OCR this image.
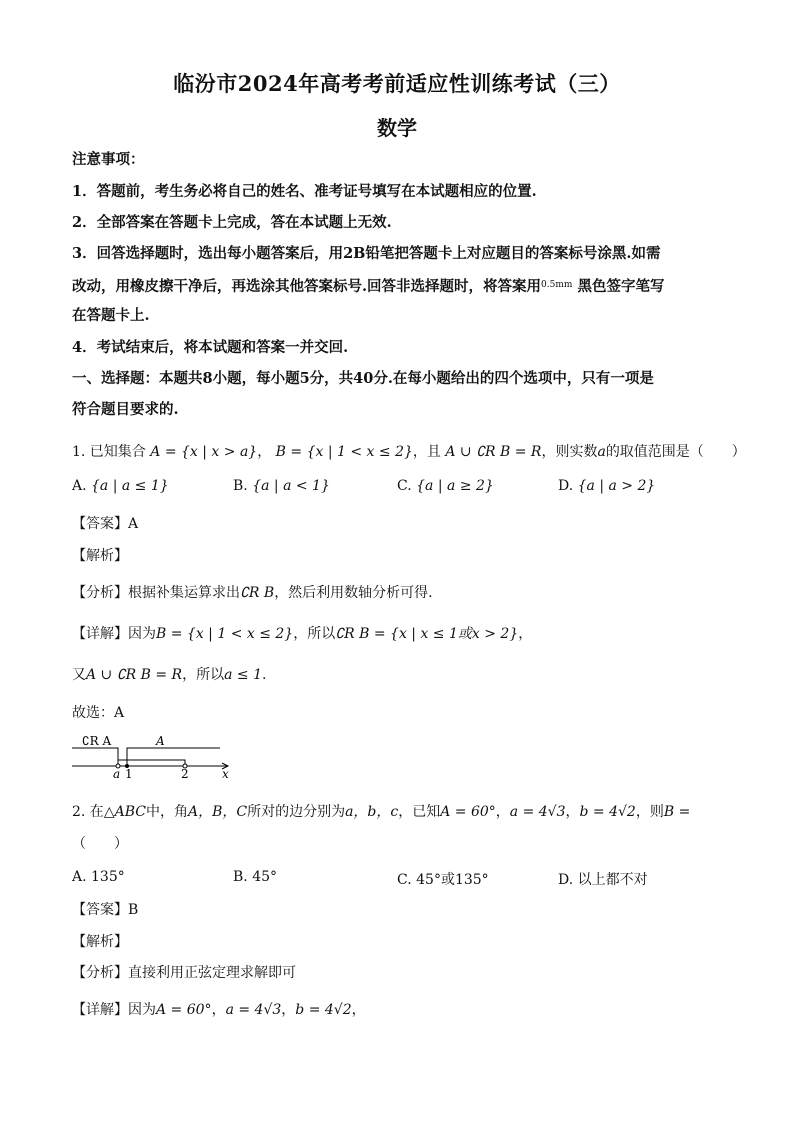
临汾市2024年高考考前适应性训练考试（三）
数学
注意事项：
1．答题前，考生务必将自己的姓名、准考证号填写在本试题相应的位置.
2．全部答案在答题卡上完成，答在本试题上无效.
3．回答选择题时，选出每小题答案后，用2B铅笔把答题卡上对应题目的答案标号涂黑.如需
改动，用橡皮擦干净后，再选涂其他答案标号.回答非选择题时，将答案用$^{0.5mm}$ 黑色签字笔写
在答题卡上.
4．考试结束后，将本试题和答案一并交回.
一、选择题：本题共8小题，每小题5分，共40分.在每小题给出的四个选项中，只有一项是
符合题目要求的.
1. 已知集合 A = {x | x > a}， B = {x | 1 < x ≤ 2}，且 A ∪ ∁R B = R，则实数a的取值范围是（　　）
A. {a | a ≤ 1}	B. {a | a < 1}	C. {a | a ≥ 2}	D. {a | a > 2}
【答案】A
【解析】
【分析】根据补集运算求出∁R B，然后利用数轴分析可得.
【详解】因为B = {x | 1 < x ≤ 2}，所以∁R B = {x | x ≤ 1或x > 2}，
又A ∪ ∁R B = R，所以a ≤ 1.
故选：A
∁R A	A
a 1	2	x
2. 在△ABC中，角A，B，C所对的边分别为a，b，c，已知A = 60°，a = 4√3，b = 4√2，则B =
（　　）
A. 135°	B. 45°	C. 45°或135°	D. 以上都不对
【答案】B
【解析】
【分析】直接利用正弦定理求解即可
【详解】因为A = 60°，a = 4√3，b = 4√2，
